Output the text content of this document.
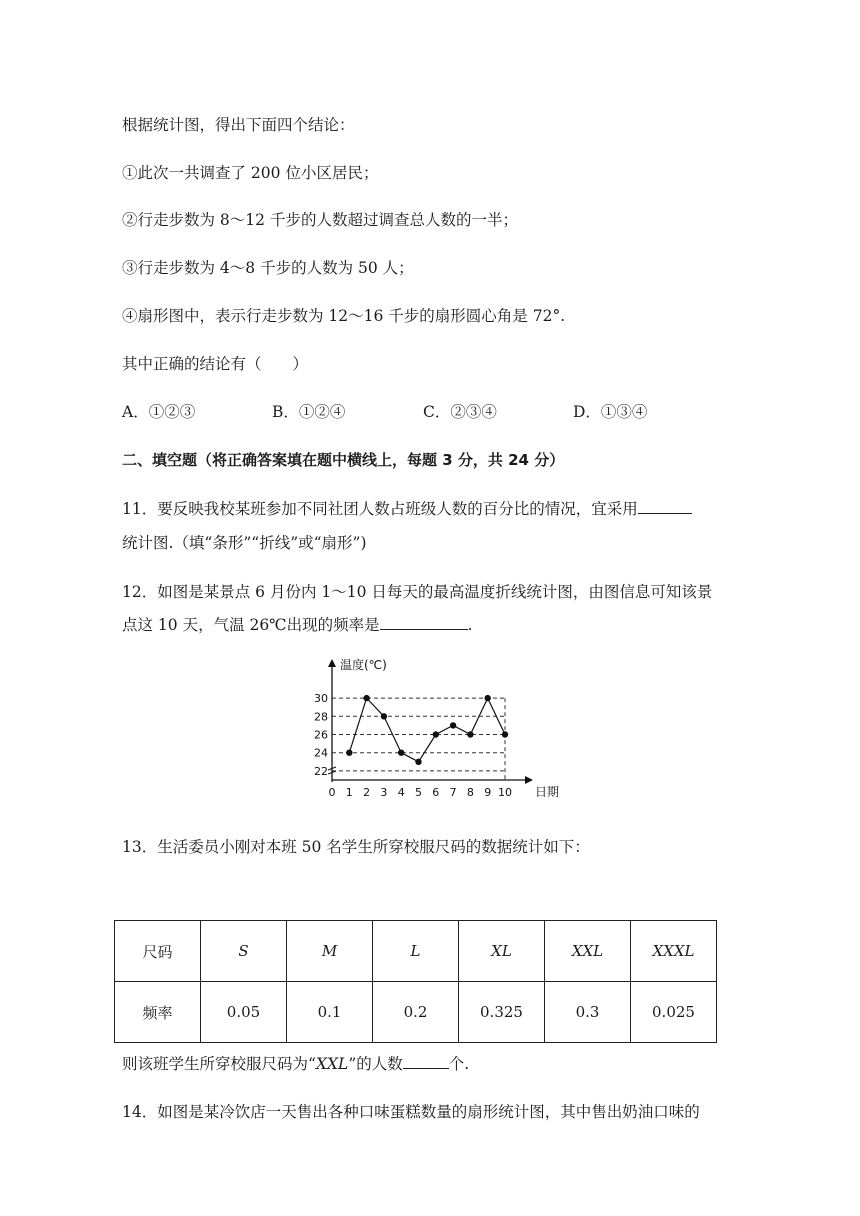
根据统计图，得出下面四个结论：
①此次一共调查了 200 位小区居民；
②行走步数为 8～12 千步的人数超过调查总人数的一半；
③行走步数为 4～8 千步的人数为 50 人；
④扇形图中，表示行走步数为 12～16 千步的扇形圆心角是 72°.
其中正确的结论有（　　）
A．①②③	B．①②④	C．②③④	D．①③④
二、填空题（将正确答案填在题中横线上，每题 3 分，共 24 分）
11．要反映我校某班参加不同社团人数占班级人数的百分比的情况，宜采用
统计图.（填“条形”“折线”或“扇形”)
12．如图是某景点 6 月份内 1～10 日每天的最高温度折线统计图，由图信息可知该景
点这 10 天，气温 26℃出现的频率是	.
22
24
26
28
30
0 1 2 3 4 5 6 7 8 9 10
温度(℃)
日期
13．生活委员小刚对本班 50 名学生所穿校服尺码的数据统计如下：
尺码	S	M	L	XL	XXL	XXXL
频率	0.05	0.1	0.2	0.325	0.3	0.025
则该班学生所穿校服尺码为“XXL”的人数	个.
14．如图是某冷饮店一天售出各种口味蛋糕数量的扇形统计图，其中售出奶油口味的
